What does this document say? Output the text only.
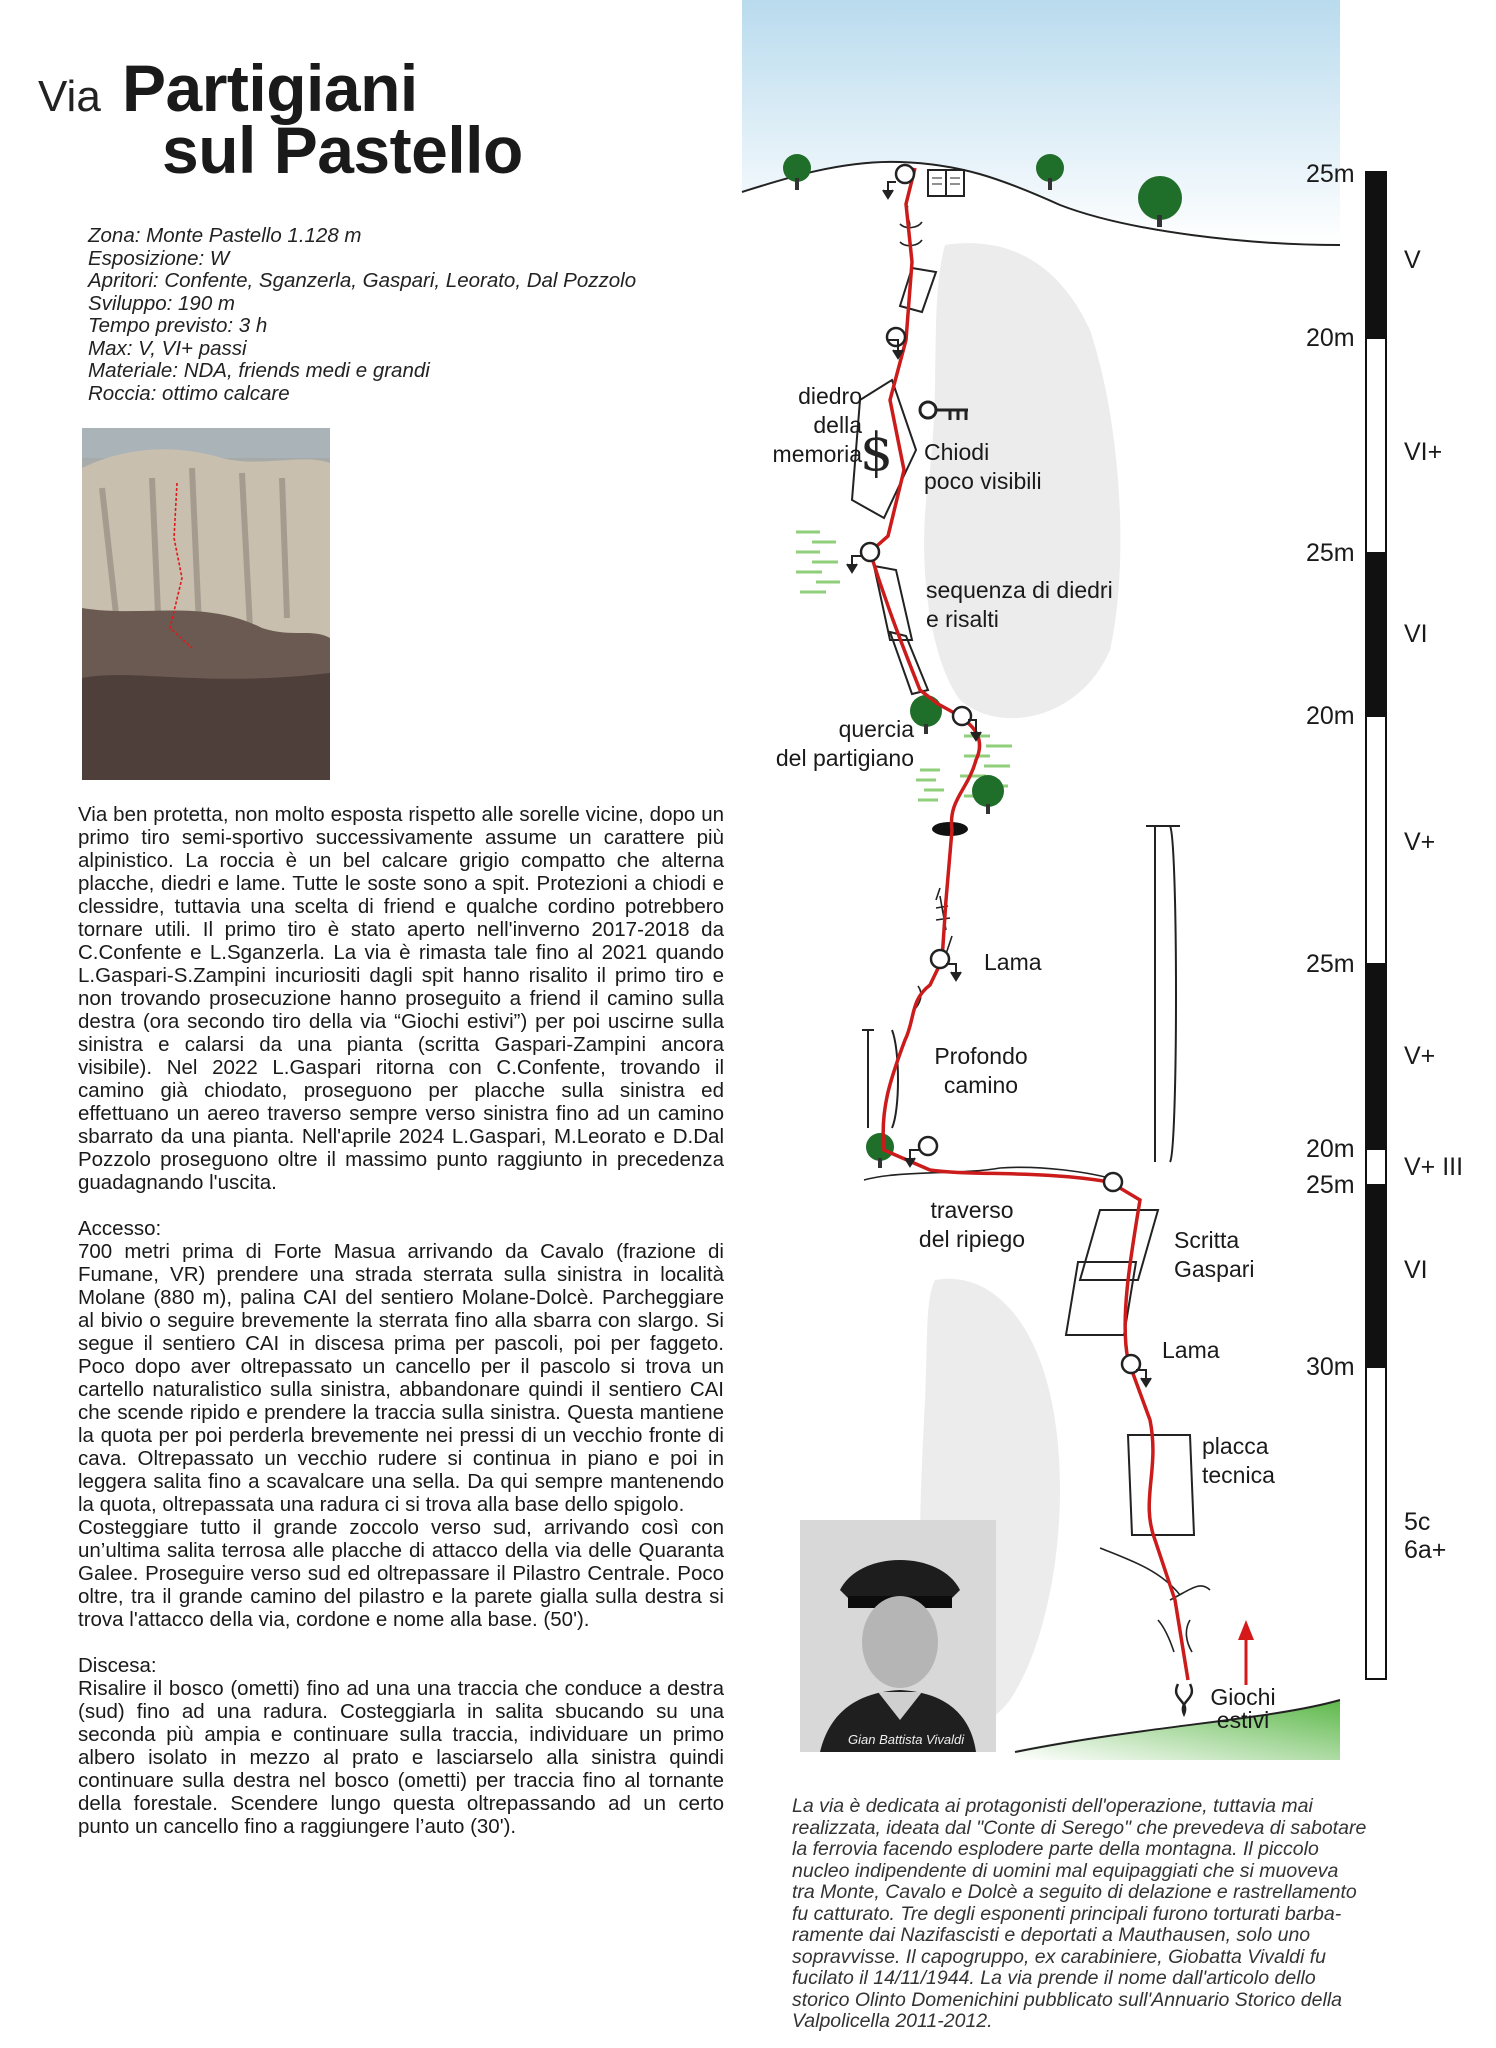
Via Partigiani
sul Pastello
Zona: Monte Pastello 1.128 m
Esposizione: W
Apritori: Confente, Sganzerla, Gaspari, Leorato, Dal Pozzolo
Sviluppo: 190 m
Tempo previsto: 3 h
Max: V, VI+ passi
Materiale: NDA, friends medi e grandi
Roccia: ottimo calcare

Via ben protetta, non molto esposta rispetto alle sorelle vicine, dopo un primo tiro semi-sportivo successivamente assume un carattere più alpinistico. La roccia è un bel calcare grigio compatto che alterna placche, diedri e lame. Tutte le soste sono a spit. Protezioni a chiodi e clessidre, tuttavia una scelta di friend e qualche cordino potrebbero tornare utili. Il primo tiro è stato aperto nell'inverno 2017-2018 da C.Confente e L.Sganzerla. La via è rimasta tale fino al 2021 quando L.Gaspari-S.Zampini incuriositi dagli spit hanno risalito il primo tiro e non trovando prosecuzione hanno proseguito a friend il camino sulla destra (ora secondo tiro della via “Giochi estivi”) per poi uscirne sulla sinistra e calarsi da una pianta (scritta Gaspari-Zampini ancora visibile). Nel 2022 L.Gaspari ritorna con C.Confente, trovando il camino già chiodato, proseguono per placche sulla sinistra ed effettuano un aereo traverso sempre verso sinistra fino ad un camino sbarrato da una pianta. Nell'aprile 2024 L.Gaspari, M.Leorato e D.Dal Pozzolo proseguono oltre il massimo punto raggiunto in precedenza guadagnando l'uscita.

Accesso:

700 metri prima di Forte Masua arrivando da Cavalo (frazione di Fumane, VR) prendere una strada sterrata sulla sinistra in località Molane (880 m), palina CAI del sentiero Molane-Dolcè. Parcheggiare al bivio o seguire brevemente la sterrata fino alla sbarra con slargo. Si segue il sentiero CAI in discesa prima per pascoli, poi per faggeto. Poco dopo aver oltrepassato un cancello per il pascolo si trova un cartello naturalistico sulla sinistra, abbandonare quindi il sentiero CAI che scende ripido e prendere la traccia sulla sinistra. Questa mantiene la quota per poi perderla brevemente nei pressi di un vecchio fronte di cava. Oltrepassato un vecchio rudere si continua in piano e poi in leggera salita fino a scavalcare una sella. Da qui sempre mantenendo la quota, oltrepassata una radura ci si trova alla base dello spigolo.

Costeggiare tutto il grande zoccolo verso sud, arrivando così con un’ultima salita terrosa alle placche di attacco della via delle Quaranta Galee. Proseguire verso sud ed oltrepassare il Pilastro Centrale. Poco oltre, tra il grande camino del pilastro e la parete gialla sulla destra si trova l'attacco della via, cordone e nome alla base. (50').

Discesa:

Risalire il bosco (ometti) fino ad una una traccia che conduce a destra (sud) fino ad una radura. Costeggiarla in salita sbucando su una seconda più ampia e continuare sulla traccia, individuare un primo albero isolato in mezzo al prato e lasciarselo alla sinistra quindi continuare sulla destra nel bosco (ometti) per traccia fino al tornante della forestale. Scendere lungo questa oltrepassando ad un certo punto un cancello fino a raggiungere l’auto (30').

$
diedro
della
memoria	Chiodi
poco visibili
sequenza di diedri
e risalti
quercia
del partigiano
Lama
Profondo
camino
traverso
del ripiego	Scritta
Gaspari
Lama
placca
tecnica
Giochi
estivi
25m
20m
25m
20m
25m
20m
25m
30m
V
VI+
VI
V+
V+
V+ III
VI
5c
6a+
Gian Battista Vivaldi
La via è dedicata ai protagonisti dell'operazione, tuttavia mai
realizzata, ideata dal "Conte di Serego" che prevedeva di sabotare
la ferrovia facendo esplodere parte della montagna. Il piccolo
nucleo indipendente di uomini mal equipaggiati che si muoveva
tra Monte, Cavalo e Dolcè a seguito di delazione e rastrellamento
fu catturato. Tre degli esponenti principali furono torturati barba-
ramente dai Nazifascisti e deportati a Mauthausen, solo uno
sopravvisse. Il capogruppo, ex carabiniere, Giobatta Vivaldi fu
fucilato il 14/11/1944. La via prende il nome dall'articolo dello
storico Olinto Domenichini pubblicato sull'Annuario Storico della
Valpolicella 2011-2012.
